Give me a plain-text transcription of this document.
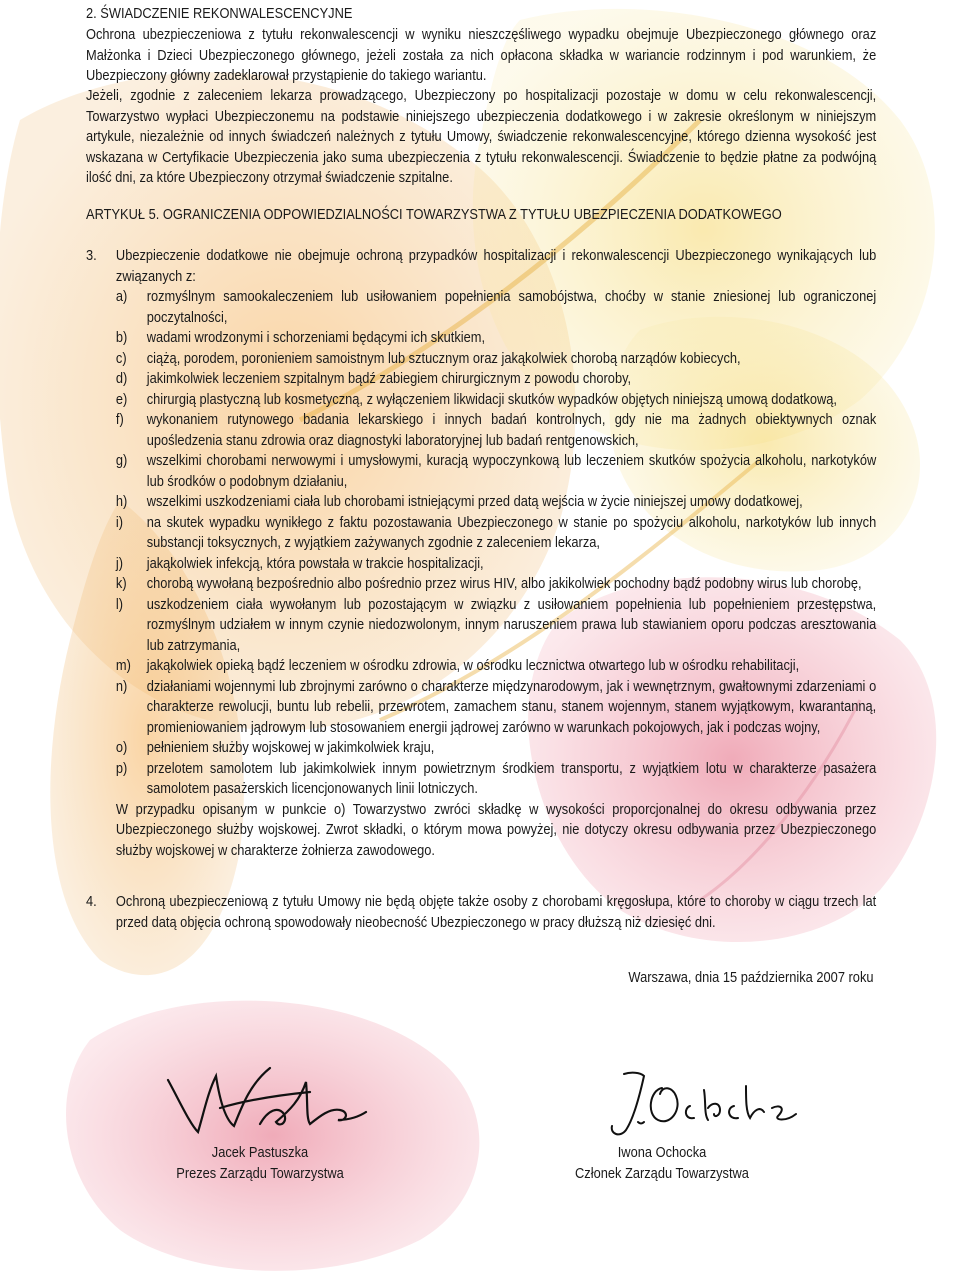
2. ŚWIADCZENIE REKONWALESCENCYJNE

Ochrona ubezpieczeniowa z tytułu rekonwalescencji w wyniku nieszczęśliwego wypadku obejmuje Ubezpieczonego głównego oraz Małżonka i Dzieci Ubezpieczonego głównego, jeżeli została za nich opłacona składka w wariancie rodzinnym i pod warunkiem, że Ubezpieczony główny zadeklarował przystąpienie do takiego wariantu.

Jeżeli, zgodnie z zaleceniem lekarza prowadzącego, Ubezpieczony po hospitalizacji pozostaje w domu w celu rekonwalescencji, Towarzystwo wypłaci Ubezpieczonemu na podstawie niniejszego ubezpieczenia dodatkowego i w zakresie określonym w niniejszym artykule, niezależnie od innych świadczeń należnych z tytułu Umowy, świadczenie rekonwalescencyjne, którego dzienna wysokość jest wskazana w Certyfikacie Ubezpieczenia jako suma ubezpieczenia z tytułu rekonwalescencji. Świadczenie to będzie płatne za podwójną ilość dni, za które Ubezpieczony otrzymał świadczenie szpitalne.

ARTYKUŁ 5. OGRANICZENIA ODPOWIEDZIALNOŚCI TOWARZYSTWA Z TYTUŁU UBEZPIECZENIA DODATKOWEGO

3. Ubezpieczenie dodatkowe nie obejmuje ochroną przypadków hospitalizacji i rekonwalescencji Ubezpieczonego wynikających lub związanych z:
a) rozmyślnym samookaleczeniem lub usiłowaniem popełnienia samobójstwa, choćby w stanie zniesionej lub ograniczonej poczytalności,
b) wadami wrodzonymi i schorzeniami będącymi ich skutkiem,
c) ciążą, porodem, poronieniem samoistnym lub sztucznym oraz jakąkolwiek chorobą narządów kobiecych,
d) jakimkolwiek leczeniem szpitalnym bądź zabiegiem chirurgicznym z powodu choroby,
e) chirurgią plastyczną lub kosmetyczną, z wyłączeniem likwidacji skutków wypadków objętych niniejszą umową dodatkową,
f) wykonaniem rutynowego badania lekarskiego i innych badań kontrolnych, gdy nie ma żadnych obiektywnych oznak upośledzenia stanu zdrowia oraz diagnostyki laboratoryjnej lub badań rentgenowskich,
g) wszelkimi chorobami nerwowymi i umysłowymi, kuracją wypoczynkową lub leczeniem skutków spożycia alkoholu, narkotyków lub środków o podobnym działaniu,
h) wszelkimi uszkodzeniami ciała lub chorobami istniejącymi przed datą wejścia w życie niniejszej umowy dodatkowej,
i) na skutek wypadku wynikłego z faktu pozostawania Ubezpieczonego w stanie po spożyciu alkoholu, narkotyków lub innych substancji toksycznych, z wyjątkiem zażywanych zgodnie z zaleceniem lekarza,
j) jakąkolwiek infekcją, która powstała w trakcie hospitalizacji,
k) chorobą wywołaną bezpośrednio albo pośrednio przez wirus HIV, albo jakikolwiek pochodny bądź podobny wirus lub chorobę,
l) uszkodzeniem ciała wywołanym lub pozostającym w związku z usiłowaniem popełnienia lub popełnieniem przestępstwa, rozmyślnym udziałem w innym czynie niedozwolonym, innym naruszeniem prawa lub stawianiem oporu podczas aresztowania lub zatrzymania,
m) jakąkolwiek opieką bądź leczeniem w ośrodku zdrowia, w ośrodku lecznictwa otwartego lub w ośrodku rehabilitacji,
n) działaniami wojennymi lub zbrojnymi zarówno o charakterze międzynarodowym, jak i wewnętrznym, gwałtownymi zdarzeniami o charakterze rewolucji, buntu lub rebelii, przewrotem, zamachem stanu, stanem wojennym, stanem wyjątkowym, kwarantanną, promieniowaniem jądrowym lub stosowaniem energii jądrowej zarówno w warunkach pokojowych, jak i podczas wojny,
o) pełnieniem służby wojskowej w jakimkolwiek kraju,
p) przelotem samolotem lub jakimkolwiek innym powietrznym środkiem transportu, z wyjątkiem lotu w charakterze pasażera samolotem pasażerskich licencjonowanych linii lotniczych.
W przypadku opisanym w punkcie o) Towarzystwo zwróci składkę w wysokości proporcjonalnej do okresu odbywania przez Ubezpieczonego służby wojskowej. Zwrot składki, o którym mowa powyżej, nie dotyczy okresu odbywania przez Ubezpieczonego służby wojskowej w charakterze żołnierza zawodowego.
4. Ochroną ubezpieczeniową z tytułu Umowy nie będą objęte także osoby z chorobami kręgosłupa, które to choroby w ciągu trzech lat przed datą objęcia ochroną spowodowały nieobecność Ubezpieczonego w pracy dłuższą niż dziesięć dni.
Warszawa, dnia 15 października 2007 roku
Jacek Pastuszka
Prezes Zarządu Towarzystwa
Iwona Ochocka
Członek Zarządu Towarzystwa
